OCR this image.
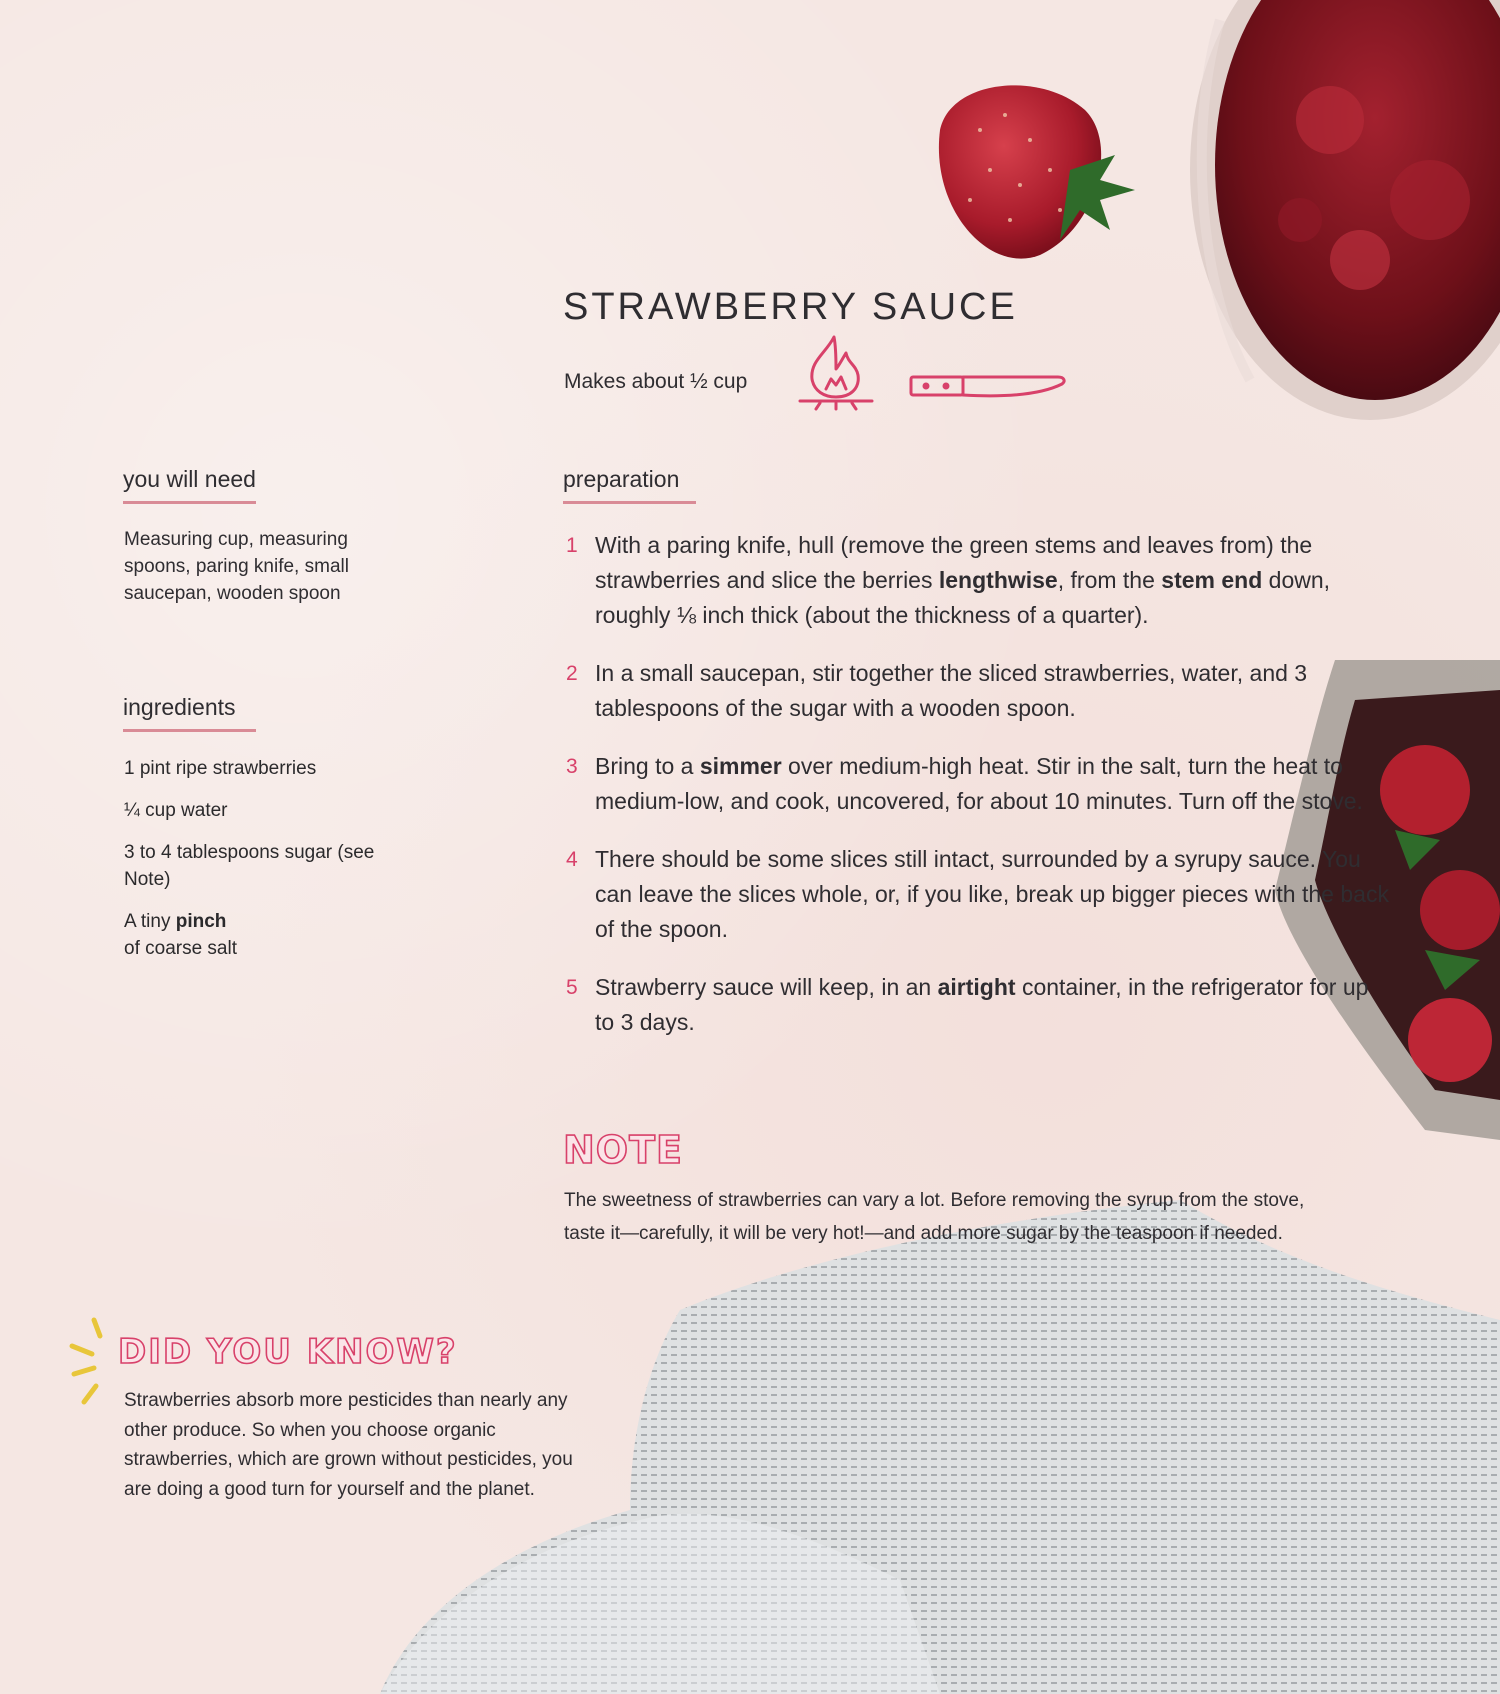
STRAWBERRY SAUCE
Makes about ½ cup
you will need
Measuring cup, measuring spoons, paring knife, small saucepan, wooden spoon
ingredients
1 pint ripe strawberries
¼ cup water
3 to 4 tablespoons sugar (see Note)
A tiny pinch
of coarse salt
preparation
1 With a paring knife, hull (remove the green stems and leaves from) the strawberries and slice the berries lengthwise, from the stem end down, roughly ⅛ inch thick (about the thickness of a quarter).
2 In a small saucepan, stir together the sliced strawberries, water, and 3 tablespoons of the sugar with a wooden spoon.
3 Bring to a simmer over medium-high heat. Stir in the salt, turn the heat to medium-low, and cook, uncovered, for about 10 minutes. Turn off the stove.
4 There should be some slices still intact, surrounded by a syrupy sauce. You can leave the slices whole, or, if you like, break up bigger pieces with the back of the spoon.
5 Strawberry sauce will keep, in an airtight container, in the refrigerator for up to 3 days.
NOTE
The sweetness of strawberries can vary a lot. Before removing the syrup from the stove, taste it—carefully, it will be very hot!—and add more sugar by the teaspoon if needed.
DID YOU KNOW?
Strawberries absorb more pesticides than nearly any other produce. So when you choose organic strawberries, which are grown without pesticides, you are doing a good turn for yourself and the planet.
